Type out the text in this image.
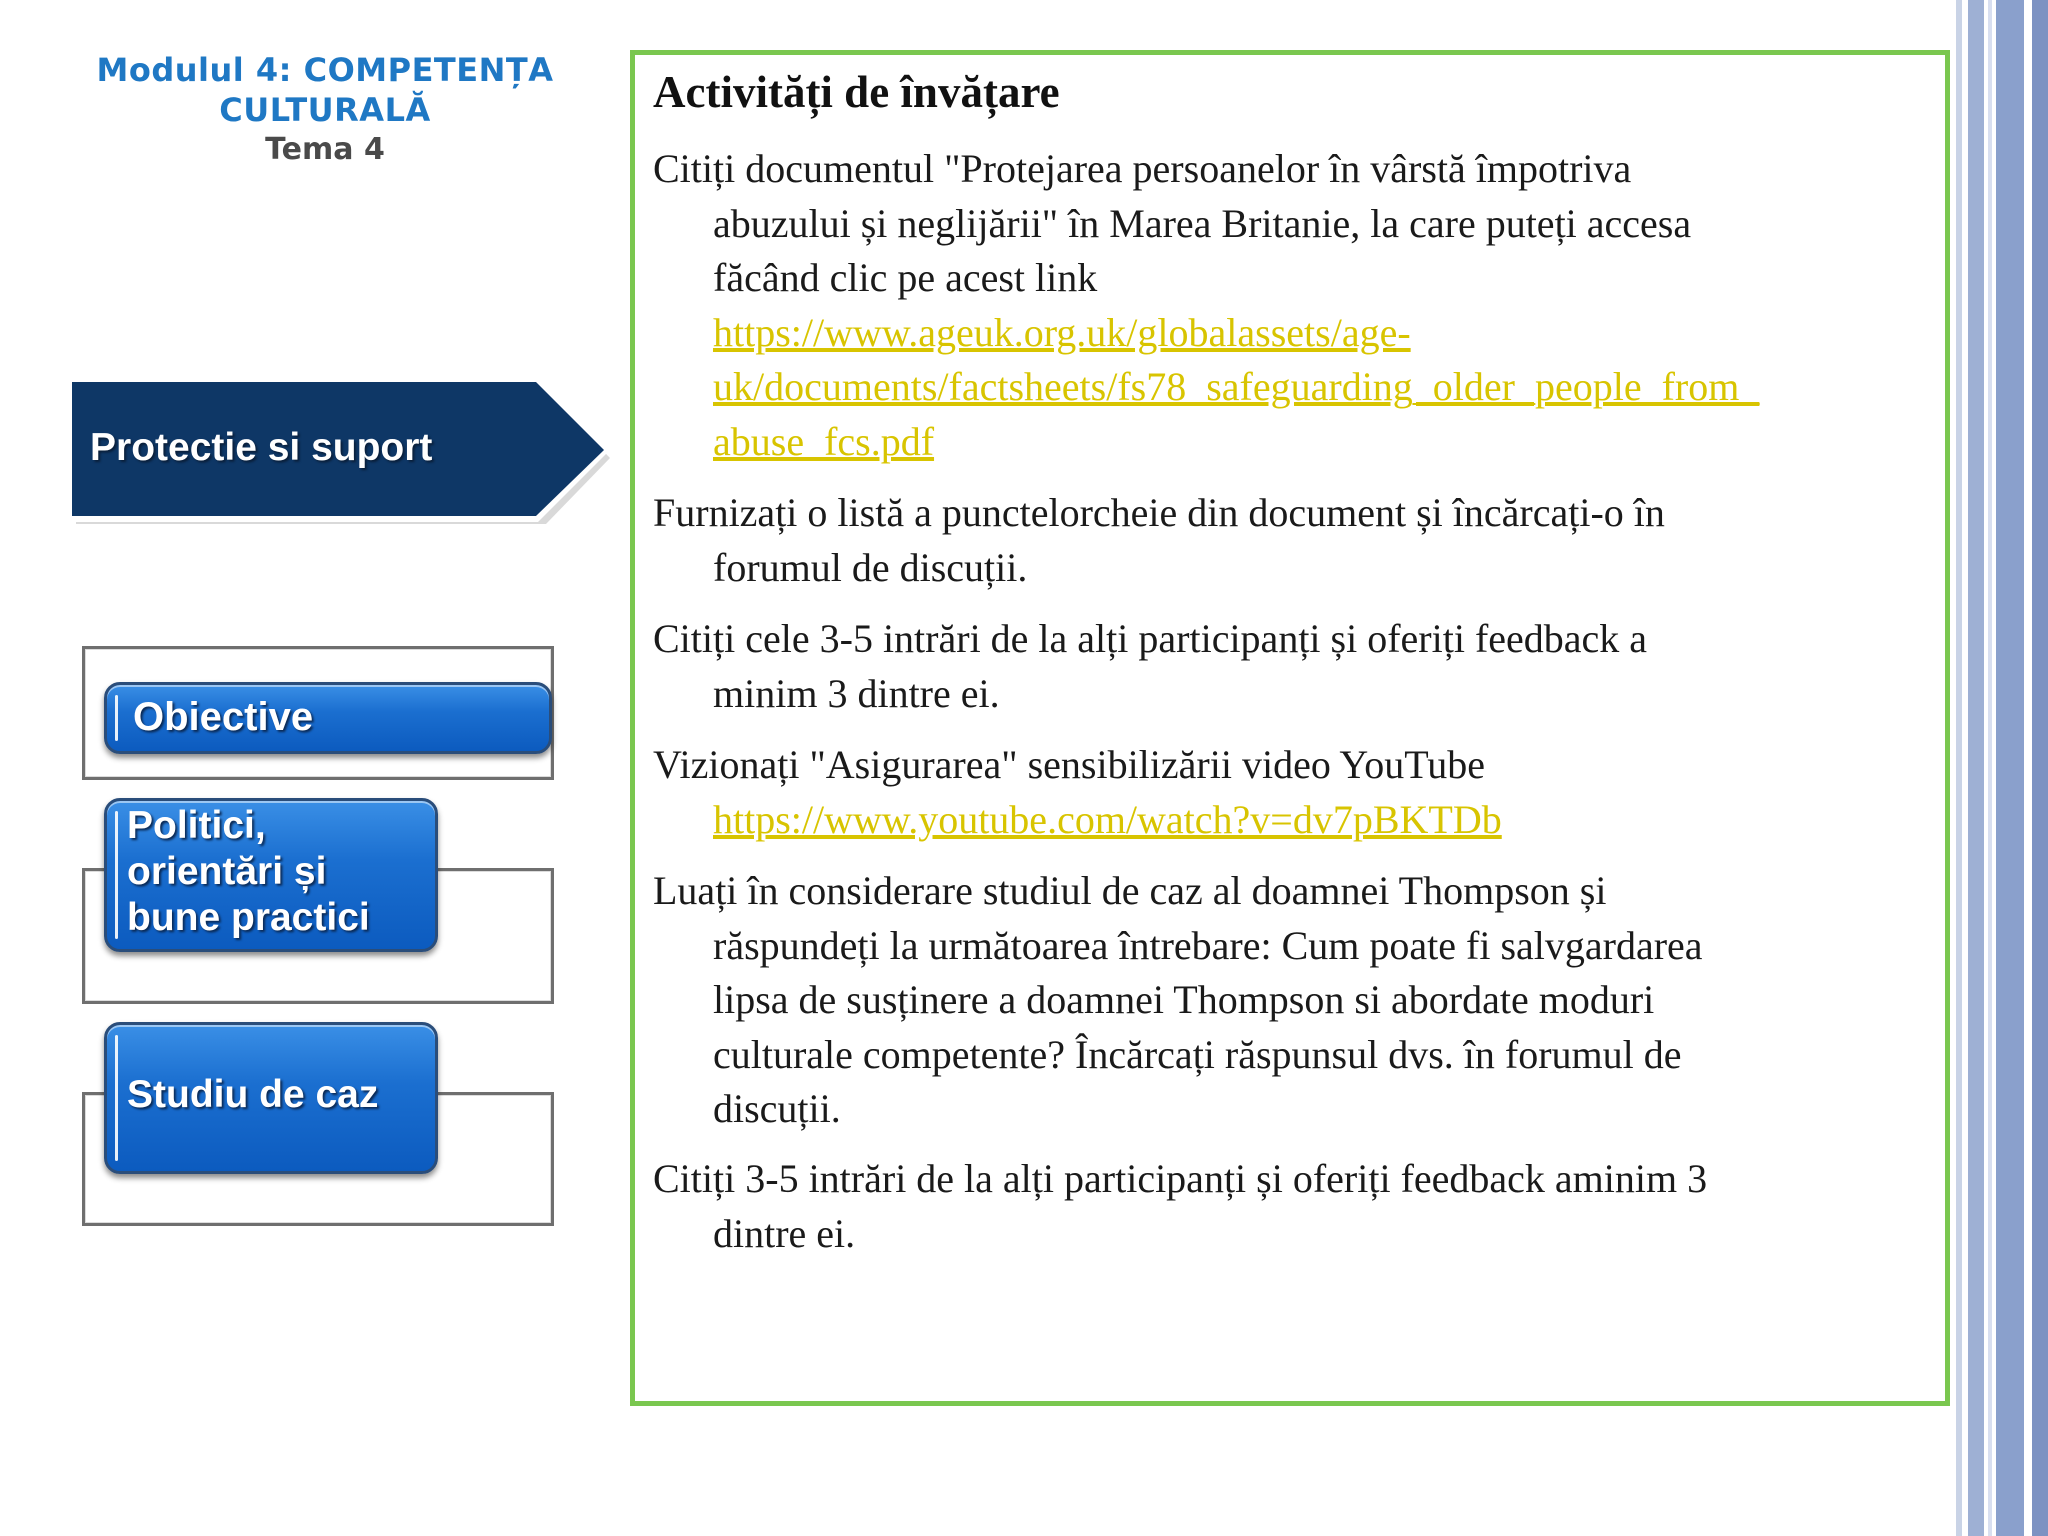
Modulul 4: COMPETENȚA CULTURALĂ
Tema 4
Protectie si suport
Obiective
Politici, orientări și bune practici
Studiu de caz
Activități de învățare
Citiți documentul "Protejarea persoanelor în vârstă împotriva
abuzului și neglijării" în Marea Britanie, la care puteți accesa
făcând clic pe acest link
https://www.ageuk.org.uk/globalassets/age-
uk/documents/factsheets/fs78_safeguarding_older_people_from_
abuse_fcs.pdf
Furnizați o listă a punctelorcheie din document și încărcați-o în
forumul de discuții.
Citiți cele 3-5 intrări de la alți participanți și oferiți feedback a
minim 3 dintre ei.
Vizionați "Asigurarea" sensibilizării video YouTube
https://www.youtube.com/watch?v=dv7pBKTDb
Luați în considerare studiul de caz al doamnei Thompson și
răspundeți la următoarea întrebare: Cum poate fi salvgardarea
lipsa de susținere a doamnei Thompson si abordate moduri
culturale competente? Încărcați răspunsul dvs. în forumul de
discuții.
Citiți 3-5 intrări de la alți participanți și oferiți feedback aminim 3
dintre ei.
